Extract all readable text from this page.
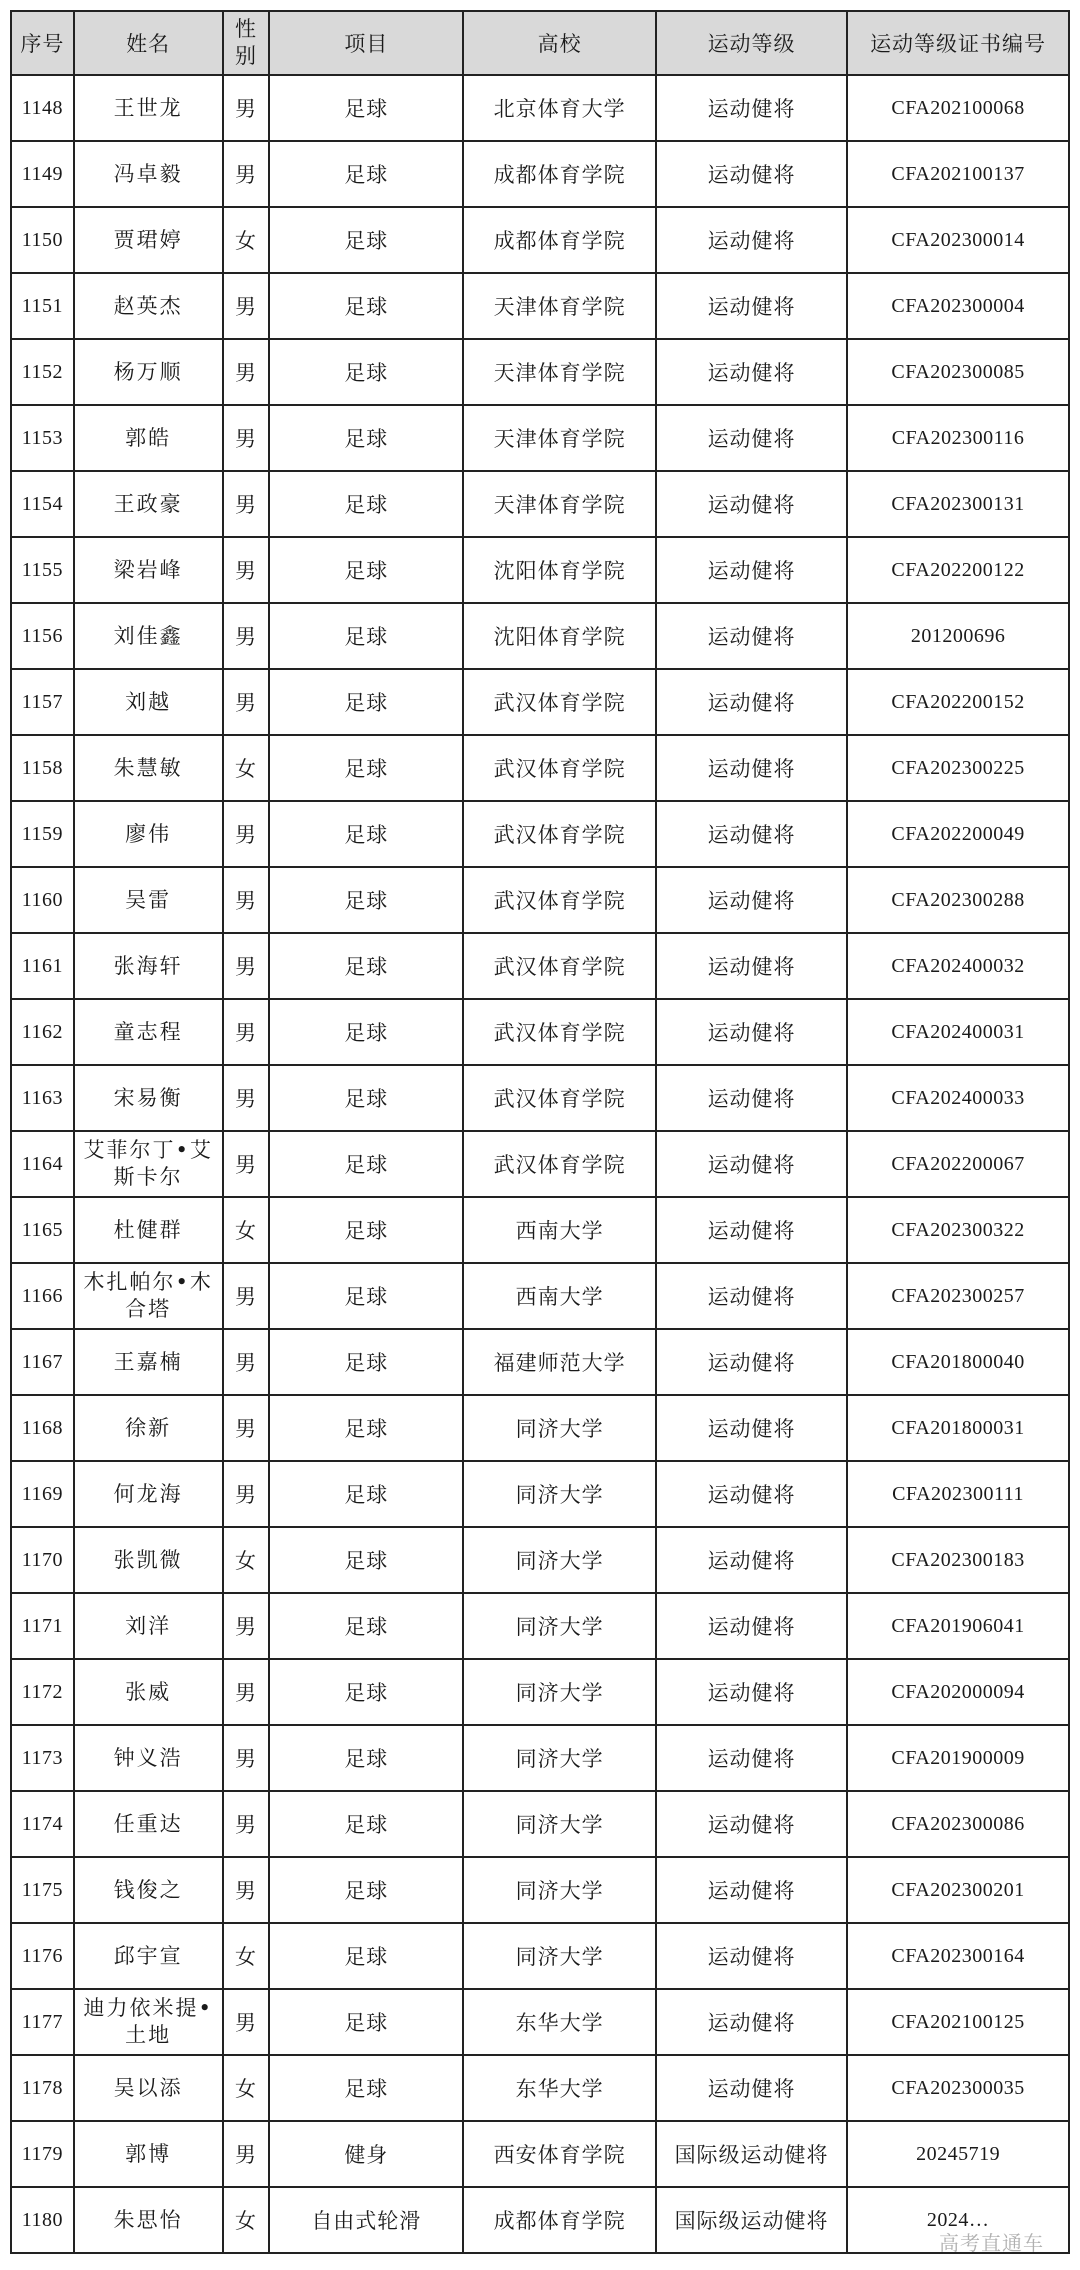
序号	姓名	性别	项目	高校	运动等级	运动等级证书编号
1148	王世龙	男	足球	北京体育大学	运动健将	CFA202100068
1149	冯卓毅	男	足球	成都体育学院	运动健将	CFA202100137
1150	贾珺婷	女	足球	成都体育学院	运动健将	CFA202300014
1151	赵英杰	男	足球	天津体育学院	运动健将	CFA202300004
1152	杨万顺	男	足球	天津体育学院	运动健将	CFA202300085
1153	郭皓	男	足球	天津体育学院	运动健将	CFA202300116
1154	王政豪	男	足球	天津体育学院	运动健将	CFA202300131
1155	梁岩峰	男	足球	沈阳体育学院	运动健将	CFA202200122
1156	刘佳鑫	男	足球	沈阳体育学院	运动健将	201200696
1157	刘越	男	足球	武汉体育学院	运动健将	CFA202200152
1158	朱慧敏	女	足球	武汉体育学院	运动健将	CFA202300225
1159	廖伟	男	足球	武汉体育学院	运动健将	CFA202200049
1160	吴雷	男	足球	武汉体育学院	运动健将	CFA202300288
1161	张海轩	男	足球	武汉体育学院	运动健将	CFA202400032
1162	童志程	男	足球	武汉体育学院	运动健将	CFA202400031
1163	宋易衡	男	足球	武汉体育学院	运动健将	CFA202400033
1164	艾菲尔丁•艾斯卡尔	男	足球	武汉体育学院	运动健将	CFA202200067
1165	杜健群	女	足球	西南大学	运动健将	CFA202300322
1166	木扎帕尔•木合塔	男	足球	西南大学	运动健将	CFA202300257
1167	王嘉楠	男	足球	福建师范大学	运动健将	CFA201800040
1168	徐新	男	足球	同济大学	运动健将	CFA201800031
1169	何龙海	男	足球	同济大学	运动健将	CFA202300111
1170	张凯微	女	足球	同济大学	运动健将	CFA202300183
1171	刘洋	男	足球	同济大学	运动健将	CFA201906041
1172	张威	男	足球	同济大学	运动健将	CFA202000094
1173	钟义浩	男	足球	同济大学	运动健将	CFA201900009
1174	任重达	男	足球	同济大学	运动健将	CFA202300086
1175	钱俊之	男	足球	同济大学	运动健将	CFA202300201
1176	邱宇宣	女	足球	同济大学	运动健将	CFA202300164
1177	迪力依米提•土地	男	足球	东华大学	运动健将	CFA202100125
1178	吴以添	女	足球	东华大学	运动健将	CFA202300035
1179	郭博	男	健身	西安体育学院	国际级运动健将	20245719
1180	朱思怡	女	自由式轮滑	成都体育学院	国际级运动健将	2024…
高考直通车
